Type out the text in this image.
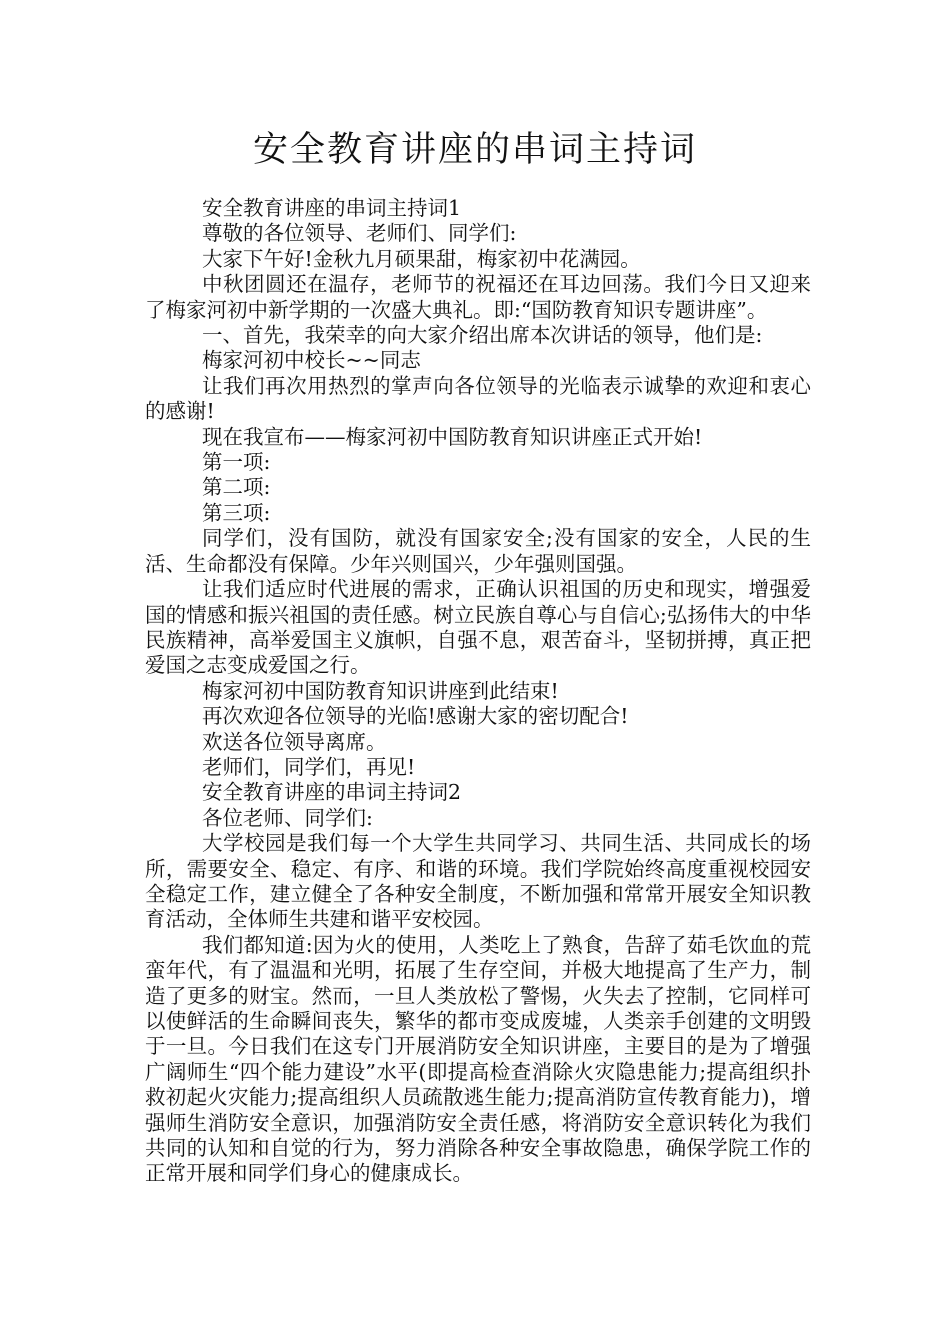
安全教育讲座的串词主持词

安全教育讲座的串词主持词1

尊敬的各位领导、老师们、同学们:

大家下午好!金秋九月硕果甜，梅家初中花满园。

中秋团圆还在温存，老师节的祝福还在耳边回荡。我们今日又迎来了梅家河初中新学期的一次盛大典礼。即:“国防教育知识专题讲座”。

一、首先，我荣幸的向大家介绍出席本次讲话的领导，他们是:

梅家河初中校长~~同志

让我们再次用热烈的掌声向各位领导的光临表示诚挚的欢迎和衷心的感谢!

现在我宣布——梅家河初中国防教育知识讲座正式开始!

第一项:

第二项:

第三项:

同学们，没有国防，就没有国家安全;没有国家的安全，人民的生活、生命都没有保障。少年兴则国兴，少年强则国强。

让我们适应时代进展的需求，正确认识祖国的历史和现实，增强爱国的情感和振兴祖国的责任感。树立民族自尊心与自信心;弘扬伟大的中华民族精神，高举爱国主义旗帜，自强不息，艰苦奋斗，坚韧拼搏，真正把爱国之志变成爱国之行。

梅家河初中国防教育知识讲座到此结束!

再次欢迎各位领导的光临!感谢大家的密切配合!

欢送各位领导离席。

老师们，同学们，再见!

安全教育讲座的串词主持词2

各位老师、同学们:

大学校园是我们每一个大学生共同学习、共同生活、共同成长的场所，需要安全、稳定、有序、和谐的环境。我们学院始终高度重视校园安全稳定工作，建立健全了各种安全制度，不断加强和常常开展安全知识教育活动，全体师生共建和谐平安校园。

我们都知道:因为火的使用，人类吃上了熟食，告辞了茹毛饮血的荒蛮年代，有了温温和光明，拓展了生存空间，并极大地提高了生产力，制造了更多的财宝。然而，一旦人类放松了警惕，火失去了控制，它同样可以使鲜活的生命瞬间丧失，繁华的都市变成废墟，人类亲手创建的文明毁于一旦。今日我们在这专门开展消防安全知识讲座，主要目的是为了增强广阔师生“四个能力建设”水平(即提高检查消除火灾隐患能力;提高组织扑救初起火灾能力;提高组织人员疏散逃生能力;提高消防宣传教育能力)，增强师生消防安全意识，加强消防安全责任感，将消防安全意识转化为我们共同的认知和自觉的行为，努力消除各种安全事故隐患，确保学院工作的正常开展和同学们身心的健康成长。
